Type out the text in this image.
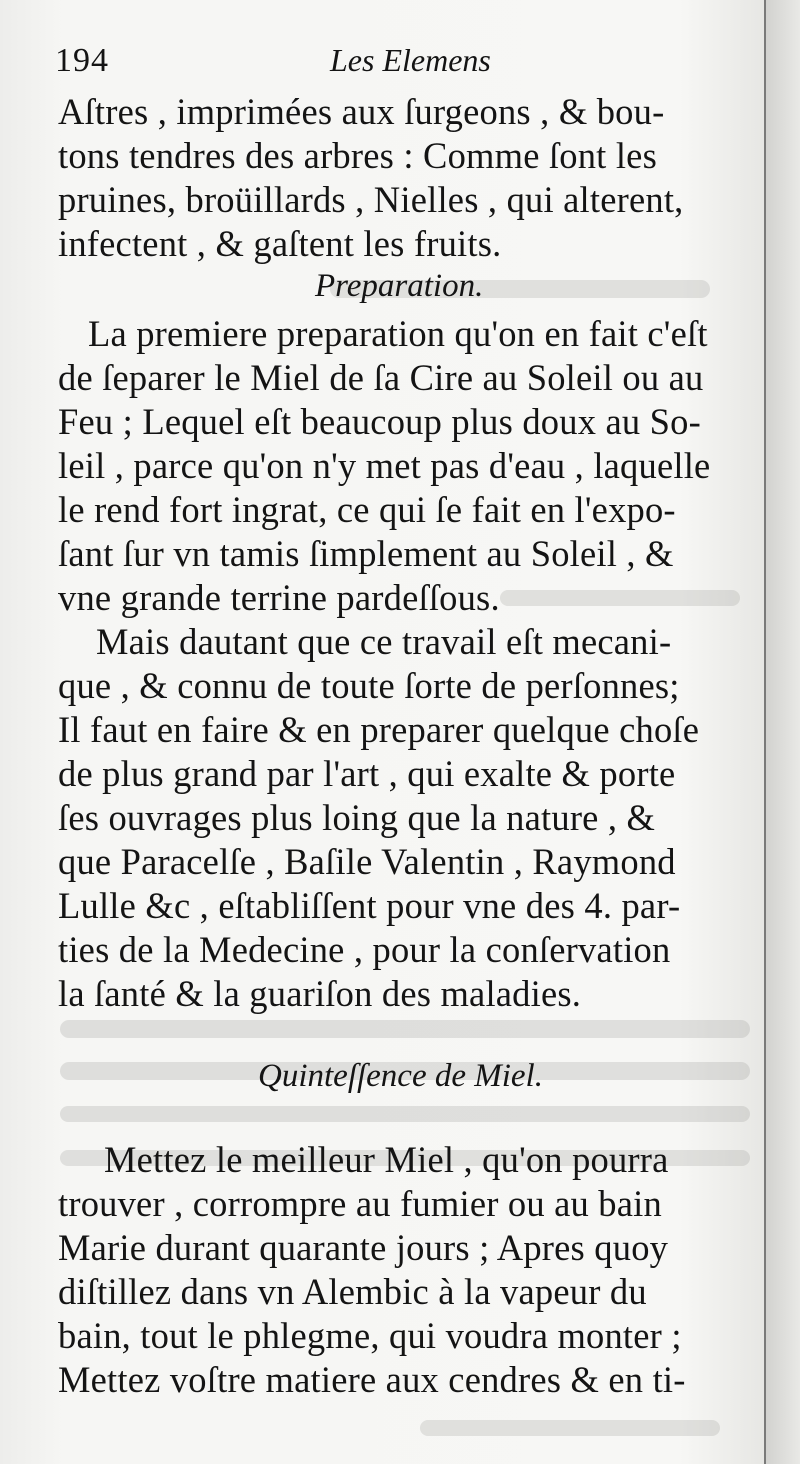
194	Les Elemens
Aſtres , imprimées aux ſurgeons , & bou-
tons tendres des arbres : Comme ſont les
pruines, broüillards , Nielles , qui alterent,
infectent , & gaſtent les fruits.
Preparation.
La premiere preparation qu'on en fait c'eſt
de ſeparer le Miel de ſa Cire au Soleil ou au
Feu ; Lequel eſt beaucoup plus doux au So-
leil , parce qu'on n'y met pas d'eau , laquelle
le rend fort ingrat, ce qui ſe fait en l'expo-
ſant ſur vn tamis ſimplement au Soleil , &
vne grande terrine pardeſſous.
Mais dautant que ce travail eſt mecani-
que , & connu de toute ſorte de perſonnes;
Il faut en faire & en preparer quelque choſe
de plus grand par l'art , qui exalte & porte
ſes ouvrages plus loing que la nature , &
que Paracelſe , Baſile Valentin , Raymond
Lulle &c , eſtabliſſent pour vne des 4. par-
ties de la Medecine , pour la conſervation
la ſanté & la guariſon des maladies.
Quinteſſence de Miel.
Mettez le meilleur Miel , qu'on pourra
trouver , corrompre au fumier ou au bain
Marie durant quarante jours ; Apres quoy
diſtillez dans vn Alembic à la vapeur du
bain, tout le phlegme, qui voudra monter ;
Mettez voſtre matiere aux cendres & en ti-
